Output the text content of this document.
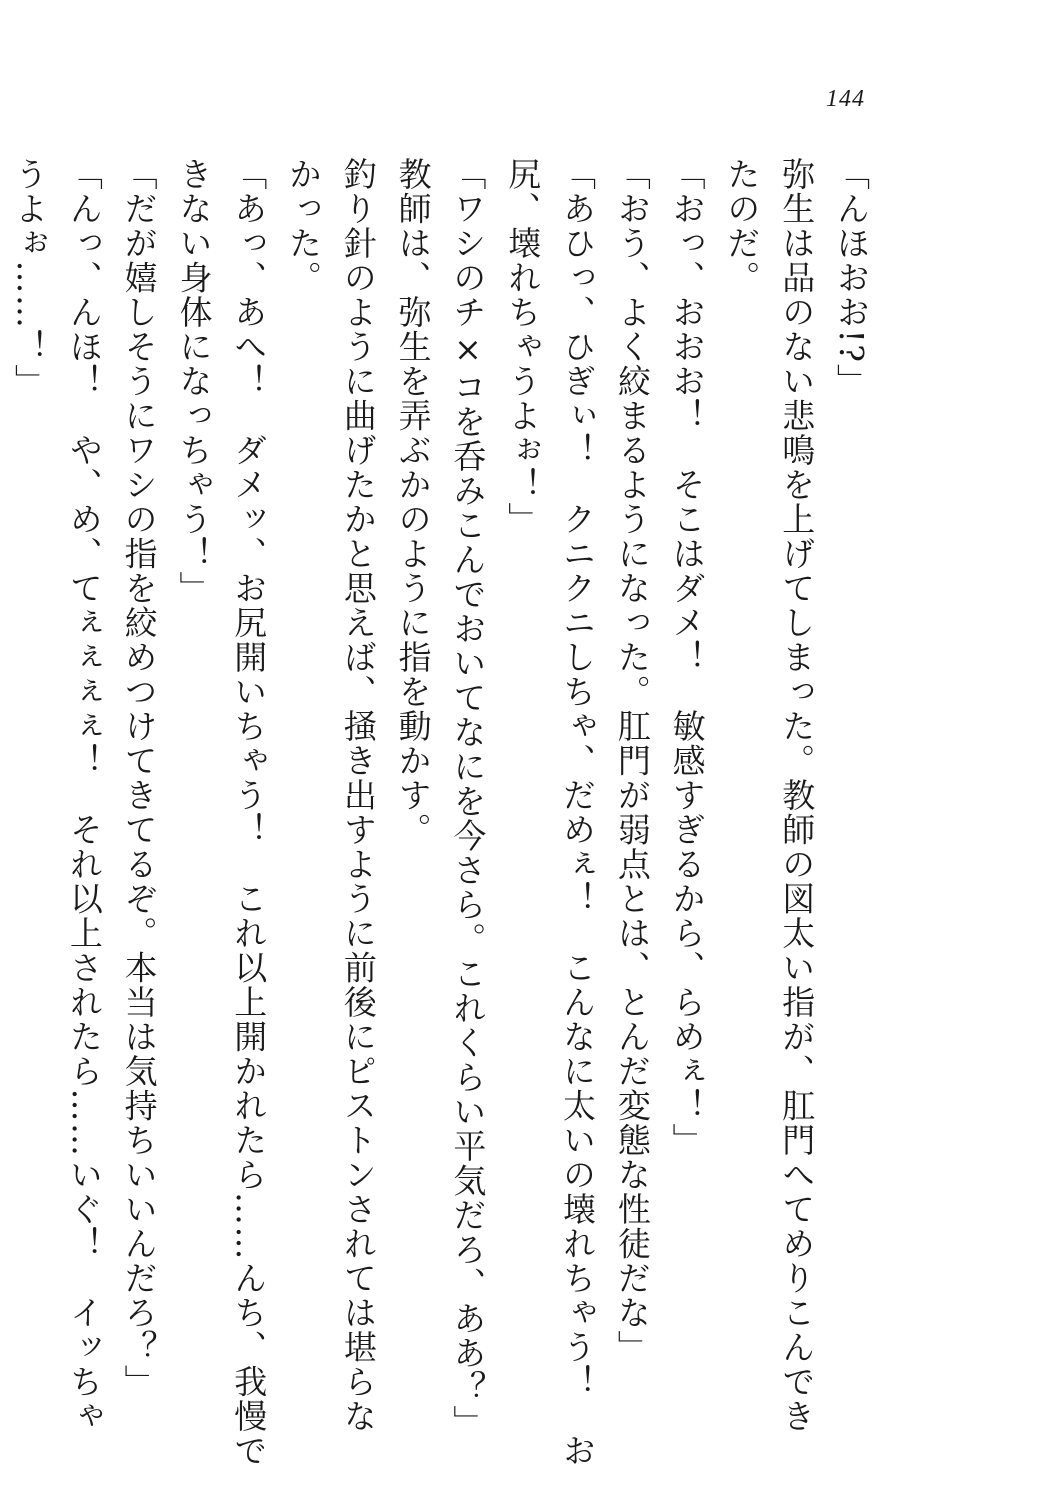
144
「んほおお!?」
弥生は品のない悲鳴を上げてしまった。教師の図太い指が、肛門へてめりこんでき
たのだ。
「おっ、おおお！　そこはダメ！　敏感すぎるから、らめぇ！」
「おう、よく絞まるようになった。肛門が弱点とは、とんだ変態な性徒だな」
「あひっ、ひぎぃ！　クニクニしちゃ、だめぇ！　こんなに太いの壊れちゃう！　お
尻、壊れちゃうよぉ！」
「ワシのチ×コを呑みこんでおいてなにを今さら。これくらい平気だろ、ああ？」
教師は、弥生を弄ぶかのように指を動かす。
釣り針のように曲げたかと思えば、掻き出すように前後にピストンされては堪らな
かった。
「あっ、あへ！　ダメッ、お尻開いちゃう！　これ以上開かれたら……んち、我慢で
きない身体になっちゃう！」
「だが嬉しそうにワシの指を絞めつけてきてるぞ。本当は気持ちいいんだろ？」
「んっ、んほ！　や、め、てぇぇぇぇ！　それ以上されたら……いぐ！　イッちゃ
うよぉ……！」
